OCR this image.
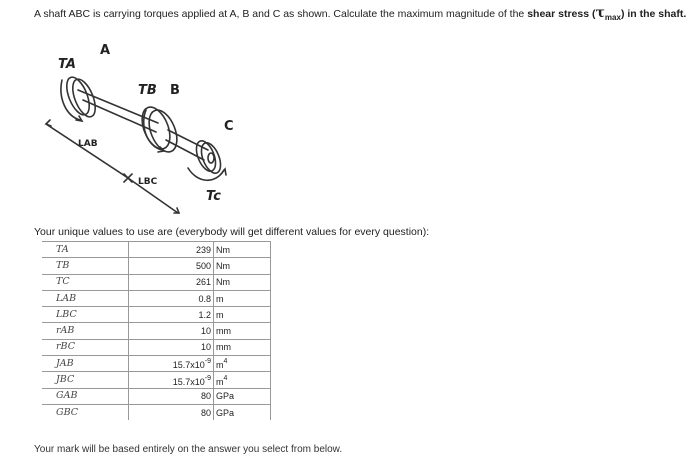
A shaft ABC is carrying torques applied at A, B and C as shown. Calculate the maximum magnitude of the shear stress $(\tau_{max})$ in the shaft.
A
TA
TB B
C
LAB
LBC
Tc
Your unique values to use are (everybody will get different values for every question):
TA	239	Nm
TB	500	Nm
TC	261	Nm
LAB	0.8	m
LBC	1.2	m
rAB	10	mm
rBC	10	mm
JAB	$15.7x10^{-9}$	$m^4$
JBC	$15.7x10^{-9}$	$m^4$
GAB	80	GPa
GBC	80	GPa
Your mark will be based entirely on the answer you select from below.
